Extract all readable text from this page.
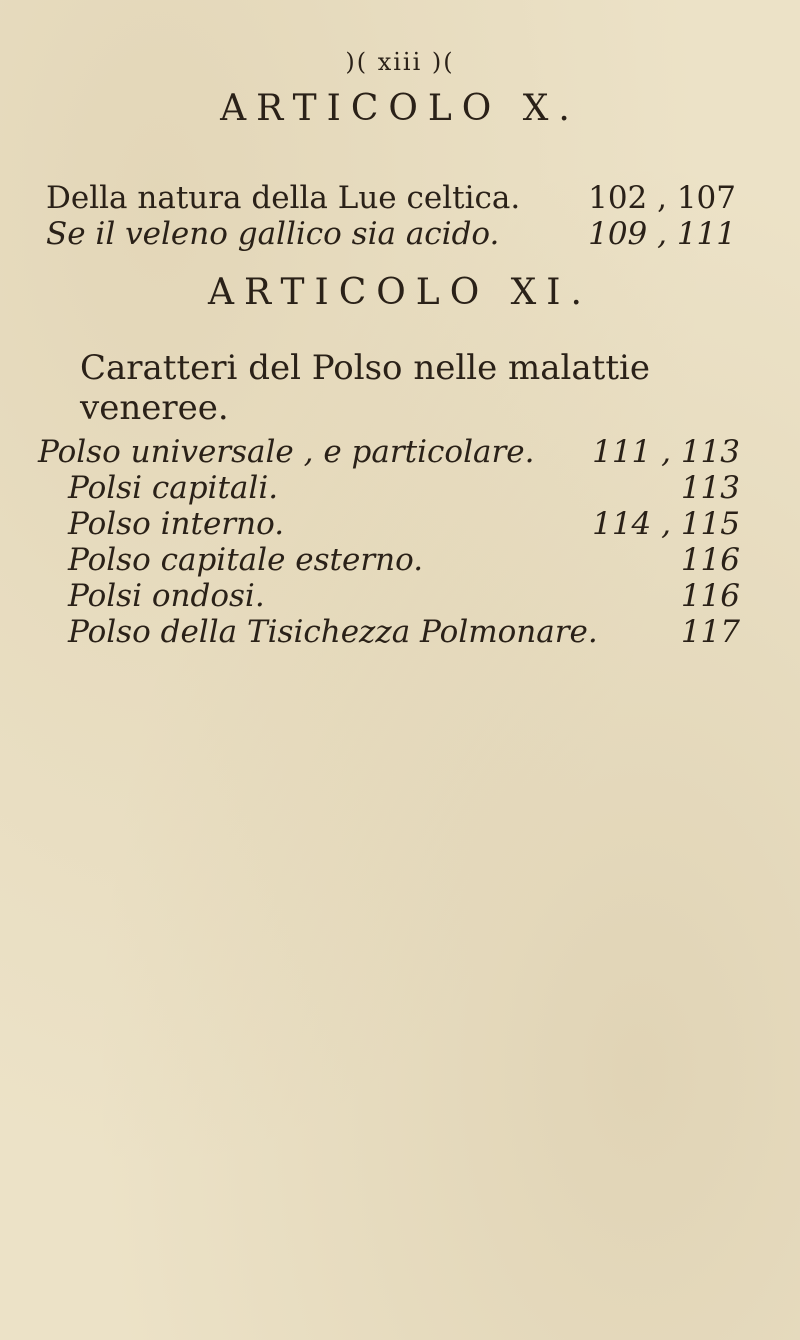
)( xiii )(
ARTICOLO X.
Della natura della Lue celtica. 102 , 107
Se il veleno gallico sia acido.	109 , 111
ARTICOLO XI.
Caratteri del Polso nelle malattie veneree.
Polso universale , e particolare. 111 , 113
Polsi capitali.	113
Polso interno.	114 , 115
Polso capitale esterno.	116
Polsi ondosi.	116
Polso della Tisichezza Polmonare.	117
